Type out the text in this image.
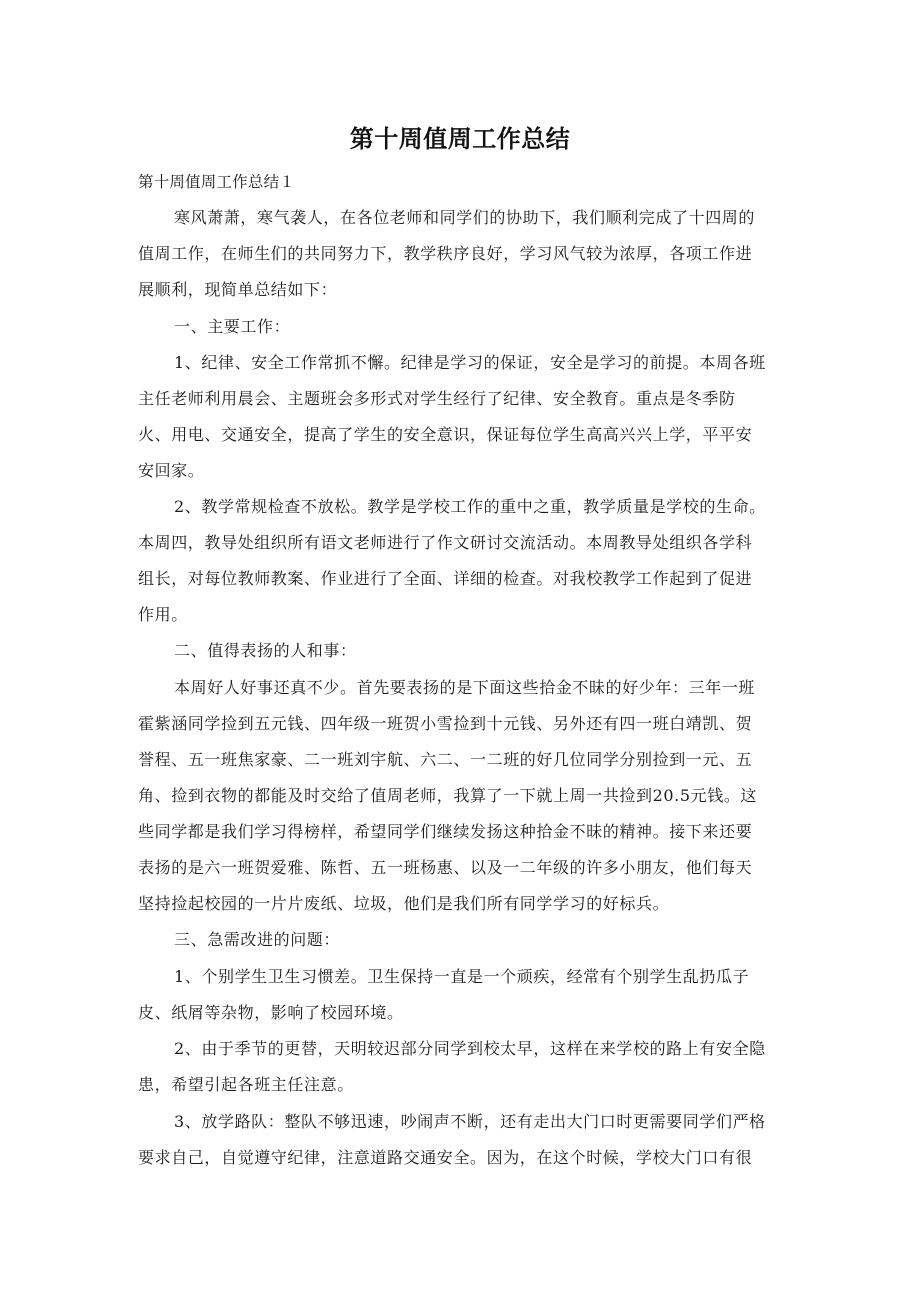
第十周值周工作总结
第十周值周工作总结１
寒风萧萧，寒气袭人，在各位老师和同学们的协助下，我们顺利完成了十四周的
值周工作，在师生们的共同努力下，教学秩序良好，学习风气较为浓厚，各项工作进
展顺利，现简单总结如下：
一、主要工作：
1、纪律、安全工作常抓不懈。纪律是学习的保证，安全是学习的前提。本周各班
主任老师利用晨会、主题班会多形式对学生经行了纪律、安全教育。重点是冬季防
火、用电、交通安全，提高了学生的安全意识，保证每位学生高高兴兴上学，平平安
安回家。
2、教学常规检查不放松。教学是学校工作的重中之重，教学质量是学校的生命。
本周四，教导处组织所有语文老师进行了作文研讨交流活动。本周教导处组织各学科
组长，对每位教师教案、作业进行了全面、详细的检查。对我校教学工作起到了促进
作用。
二、值得表扬的人和事：
本周好人好事还真不少。首先要表扬的是下面这些拾金不昧的好少年：三年一班
霍紫涵同学捡到五元钱、四年级一班贺小雪捡到十元钱、另外还有四一班白靖凯、贺
誉程、五一班焦家豪、二一班刘宇航、六二、一二班的好几位同学分别捡到一元、五
角、捡到衣物的都能及时交给了值周老师，我算了一下就上周一共捡到20.5元钱。这
些同学都是我们学习得榜样，希望同学们继续发扬这种拾金不昧的精神。接下来还要
表扬的是六一班贺爱雅、陈哲、五一班杨惠、以及一二年级的许多小朋友，他们每天
坚持捡起校园的一片片废纸、垃圾，他们是我们所有同学学习的好标兵。
三、急需改进的问题：
1、个别学生卫生习惯差。卫生保持一直是一个顽疾，经常有个别学生乱扔瓜子
皮、纸屑等杂物，影响了校园环境。
2、由于季节的更替，天明较迟部分同学到校太早，这样在来学校的路上有安全隐
患，希望引起各班主任注意。
3、放学路队：整队不够迅速，吵闹声不断，还有走出大门口时更需要同学们严格
要求自己，自觉遵守纪律，注意道路交通安全。因为，在这个时候，学校大门口有很
